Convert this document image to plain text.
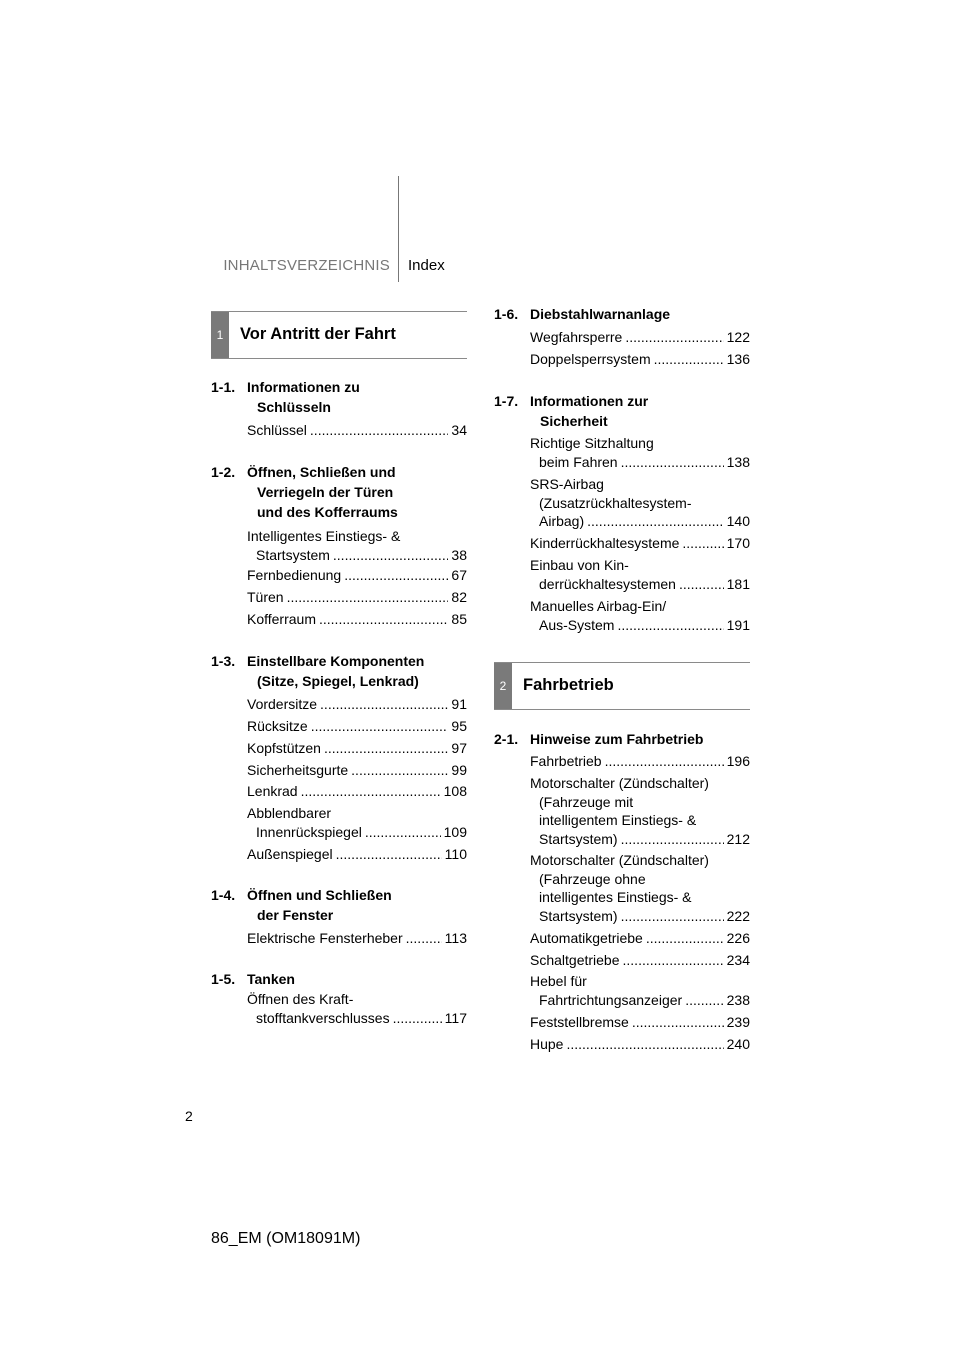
INHALTSVERZEICHNIS Index
1	Vor Antritt der Fahrt
1-1. Informationen zu
Schlüsseln
Schlüssel .....	34
1-2. Öffnen, Schließen und
Verriegeln der Türen
und des Kofferraums
Intelligentes Einstiegs- &
Startsystem .....	38
Fernbedienung .....	67
Türen .....	82
Kofferraum .....	85
1-3. Einstellbare Komponenten
(Sitze, Spiegel, Lenkrad)
Vordersitze .....	91
Rücksitze .....	95
Kopfstützen .....	97
Sicherheitsgurte .....	99
Lenkrad .....	108
Abblendbarer
Innenrückspiegel .....	109
Außenspiegel .....	110
1-4. Öffnen und Schließen
der Fenster
Elektrische Fensterheber .....	113
1-5. Tanken
Öffnen des Kraft-
stofftankverschlusses .....	117
1-6. Diebstahlwarnanlage
Wegfahrsperre .....	122
Doppelsperrsystem .....	136
1-7. Informationen zur
Sicherheit
Richtige Sitzhaltung
beim Fahren .....	138
SRS-Airbag
(Zusatzrückhaltesystem-
Airbag) .....	140
Kinderrückhaltesysteme .....	170
Einbau von Kin-
derrückhaltesystemen .....	181
Manuelles Airbag-Ein/
Aus-System .....	191
2	Fahrbetrieb
2-1. Hinweise zum Fahrbetrieb
Fahrbetrieb .....	196
Motorschalter (Zündschalter)
(Fahrzeuge mit
intelligentem Einstiegs- &
Startsystem) .....	212
Motorschalter (Zündschalter)
(Fahrzeuge ohne
intelligentes Einstiegs- &
Startsystem) .....	222
Automatikgetriebe .....	226
Schaltgetriebe .....	234
Hebel für
Fahrtrichtungsanzeiger .....	238
Feststellbremse .....	239
Hupe .....	240
2
86_EM (OM18091M)
